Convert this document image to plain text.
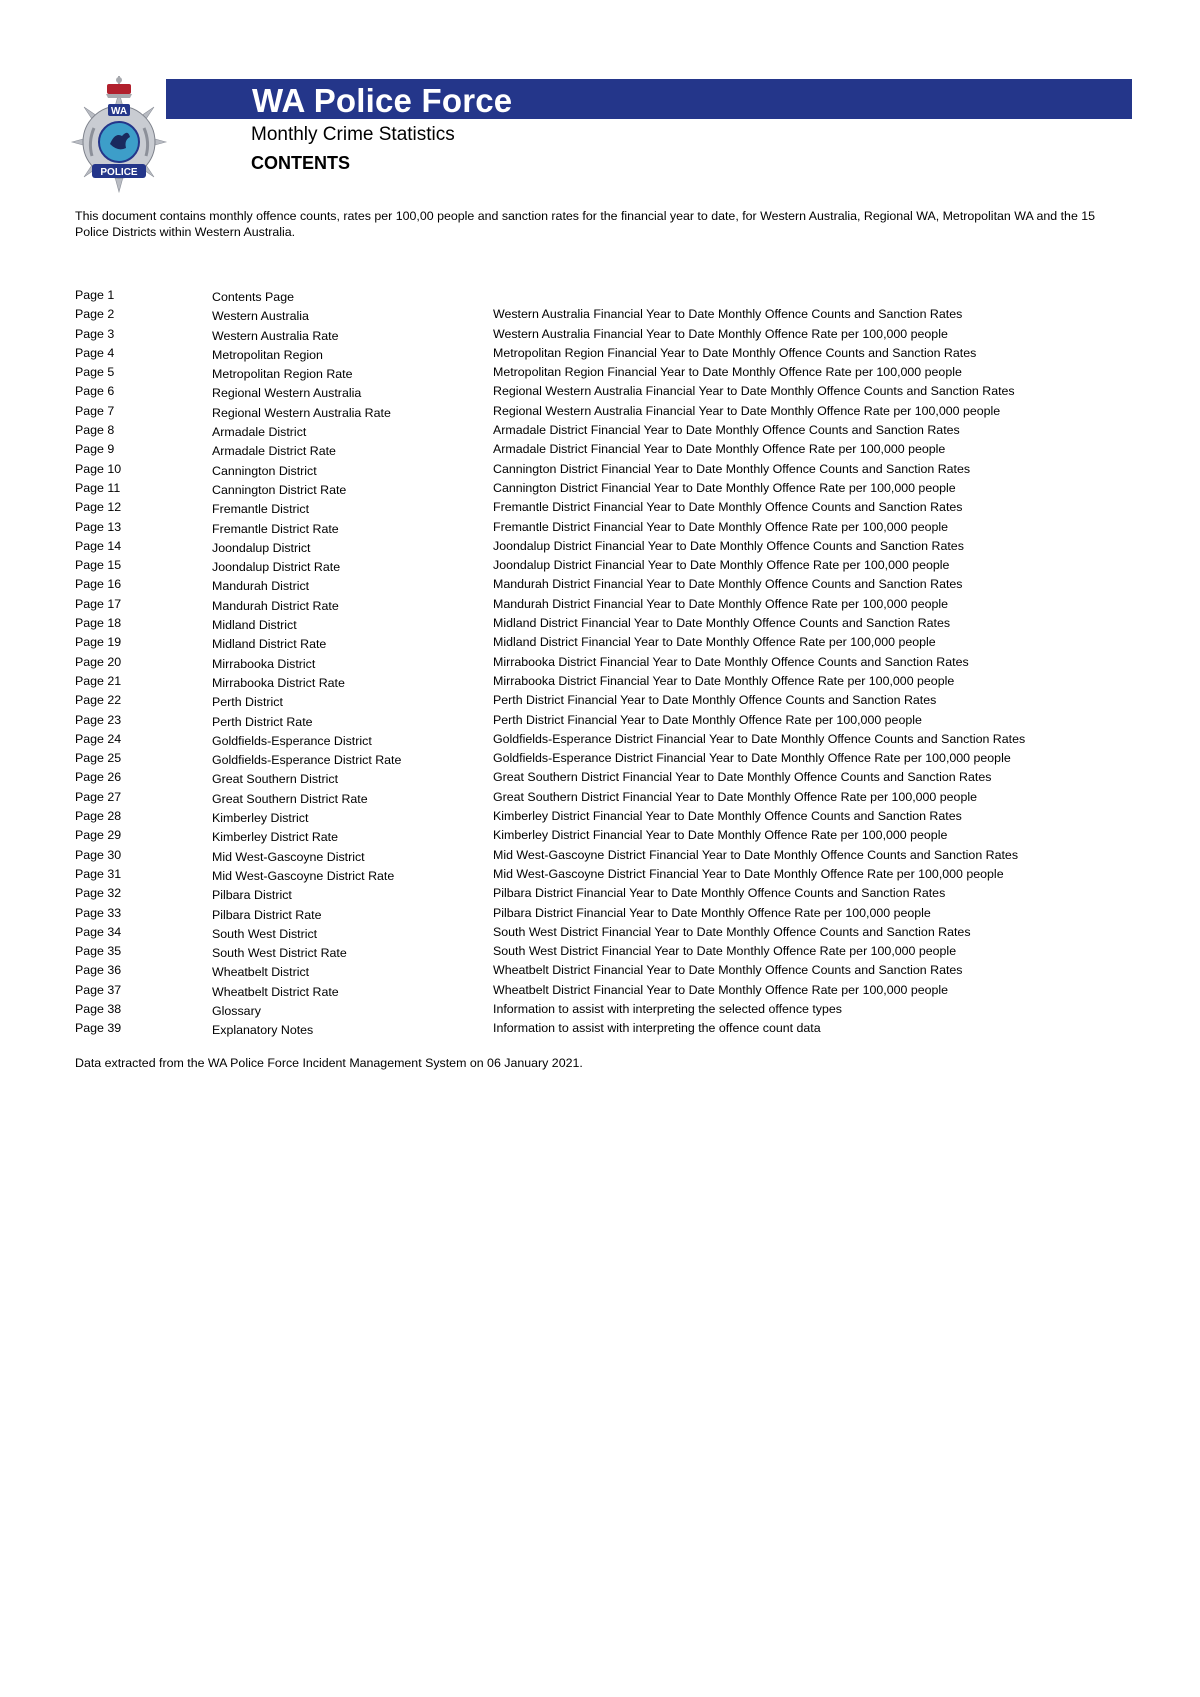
WA
POLICE
WA Police Force
Monthly Crime Statistics
CONTENTS
This document contains monthly offence counts, rates per 100,00 people and sanction rates for the financial year to date, for Western Australia, Regional WA, Metropolitan WA and the 15 Police Districts within Western Australia.
Page 1	Contents Page
Page 2	Western Australia	Western Australia Financial Year to Date Monthly Offence Counts and Sanction Rates
Page 3	Western Australia Rate	Western Australia Financial Year to Date Monthly Offence Rate per 100,000 people
Page 4	Metropolitan Region	Metropolitan Region Financial Year to Date Monthly Offence Counts and Sanction Rates
Page 5	Metropolitan Region Rate	Metropolitan Region Financial Year to Date Monthly Offence Rate per 100,000 people
Page 6	Regional Western Australia	Regional Western Australia Financial Year to Date Monthly Offence Counts and Sanction Rates
Page 7	Regional Western Australia Rate	Regional Western Australia Financial Year to Date Monthly Offence Rate per 100,000 people
Page 8	Armadale District	Armadale District Financial Year to Date Monthly Offence Counts and Sanction Rates
Page 9	Armadale District Rate	Armadale District Financial Year to Date Monthly Offence Rate per 100,000 people
Page 10	Cannington District	Cannington District Financial Year to Date Monthly Offence Counts and Sanction Rates
Page 11	Cannington District Rate	Cannington District Financial Year to Date Monthly Offence Rate per 100,000 people
Page 12	Fremantle District	Fremantle District Financial Year to Date Monthly Offence Counts and Sanction Rates
Page 13	Fremantle District Rate	Fremantle District Financial Year to Date Monthly Offence Rate per 100,000 people
Page 14	Joondalup District	Joondalup District Financial Year to Date Monthly Offence Counts and Sanction Rates
Page 15	Joondalup District Rate	Joondalup District Financial Year to Date Monthly Offence Rate per 100,000 people
Page 16	Mandurah District	Mandurah District Financial Year to Date Monthly Offence Counts and Sanction Rates
Page 17	Mandurah District Rate	Mandurah District Financial Year to Date Monthly Offence Rate per 100,000 people
Page 18	Midland District	Midland District Financial Year to Date Monthly Offence Counts and Sanction Rates
Page 19	Midland District Rate	Midland District Financial Year to Date Monthly Offence Rate per 100,000 people
Page 20	Mirrabooka District	Mirrabooka District Financial Year to Date Monthly Offence Counts and Sanction Rates
Page 21	Mirrabooka District Rate	Mirrabooka District Financial Year to Date Monthly Offence Rate per 100,000 people
Page 22	Perth District	Perth District Financial Year to Date Monthly Offence Counts and Sanction Rates
Page 23	Perth District Rate	Perth District Financial Year to Date Monthly Offence Rate per 100,000 people
Page 24	Goldfields-Esperance District	Goldfields-Esperance District Financial Year to Date Monthly Offence Counts and Sanction Rates
Page 25	Goldfields-Esperance District Rate	Goldfields-Esperance District Financial Year to Date Monthly Offence Rate per 100,000 people
Page 26	Great Southern District	Great Southern District Financial Year to Date Monthly Offence Counts and Sanction Rates
Page 27	Great Southern District Rate	Great Southern District Financial Year to Date Monthly Offence Rate per 100,000 people
Page 28	Kimberley District	Kimberley District Financial Year to Date Monthly Offence Counts and Sanction Rates
Page 29	Kimberley District Rate	Kimberley District Financial Year to Date Monthly Offence Rate per 100,000 people
Page 30	Mid West-Gascoyne District	Mid West-Gascoyne District Financial Year to Date Monthly Offence Counts and Sanction Rates
Page 31	Mid West-Gascoyne District Rate	Mid West-Gascoyne District Financial Year to Date Monthly Offence Rate per 100,000 people
Page 32	Pilbara District	Pilbara District Financial Year to Date Monthly Offence Counts and Sanction Rates
Page 33	Pilbara District Rate	Pilbara District Financial Year to Date Monthly Offence Rate per 100,000 people
Page 34	South West District	South West District Financial Year to Date Monthly Offence Counts and Sanction Rates
Page 35	South West District Rate	South West District Financial Year to Date Monthly Offence Rate per 100,000 people
Page 36	Wheatbelt District	Wheatbelt District Financial Year to Date Monthly Offence Counts and Sanction Rates
Page 37	Wheatbelt District Rate	Wheatbelt District Financial Year to Date Monthly Offence Rate per 100,000 people
Page 38	Glossary	Information to assist with interpreting the selected offence types
Page 39	Explanatory Notes	Information to assist with interpreting the offence count data
Data extracted from the WA Police Force Incident Management System on 06 January 2021.
